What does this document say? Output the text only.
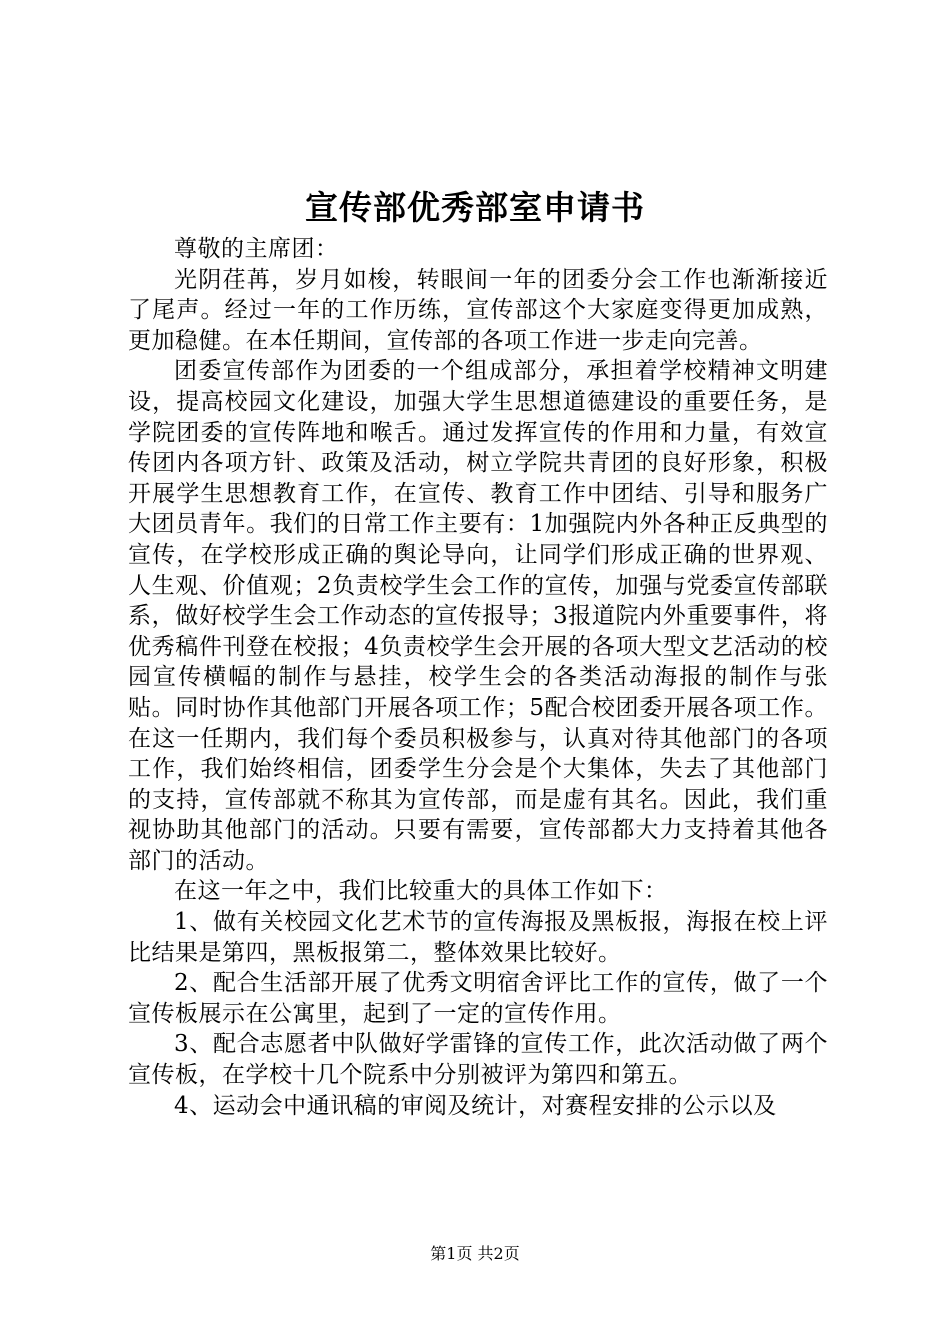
宣传部优秀部室申请书

尊敬的主席团：

光阴荏苒，岁月如梭，转眼间一年的团委分会工作也渐渐接近了尾声。经过一年的工作历练，宣传部这个大家庭变得更加成熟，更加稳健。在本任期间，宣传部的各项工作进一步走向完善。

团委宣传部作为团委的一个组成部分，承担着学校精神文明建设，提高校园文化建设，加强大学生思想道德建设的重要任务，是学院团委的宣传阵地和喉舌。通过发挥宣传的作用和力量，有效宣传团内各项方针、政策及活动，树立学院共青团的良好形象，积极开展学生思想教育工作，在宣传、教育工作中团结、引导和服务广大团员青年。我们的日常工作主要有：1加强院内外各种正反典型的宣传，在学校形成正确的舆论导向，让同学们形成正确的世界观、人生观、价值观；2负责校学生会工作的宣传，加强与党委宣传部联系，做好校学生会工作动态的宣传报导；3报道院内外重要事件，将优秀稿件刊登在校报；4负责校学生会开展的各项大型文艺活动的校园宣传横幅的制作与悬挂，校学生会的各类活动海报的制作与张贴。同时协作其他部门开展各项工作；5配合校团委开展各项工作。在这一任期内，我们每个委员积极参与，认真对待其他部门的各项工作，我们始终相信，团委学生分会是个大集体，失去了其他部门的支持，宣传部就不称其为宣传部，而是虚有其名。因此，我们重视协助其他部门的活动。只要有需要，宣传部都大力支持着其他各部门的活动。

在这一年之中，我们比较重大的具体工作如下：

1、做有关校园文化艺术节的宣传海报及黑板报，海报在校上评比结果是第四，黑板报第二，整体效果比较好。

2、配合生活部开展了优秀文明宿舍评比工作的宣传，做了一个宣传板展示在公寓里，起到了一定的宣传作用。

3、配合志愿者中队做好学雷锋的宣传工作，此次活动做了两个宣传板，在学校十几个院系中分别被评为第四和第五。

4、运动会中通讯稿的审阅及统计，对赛程安排的公示以及

第1页 共2页
